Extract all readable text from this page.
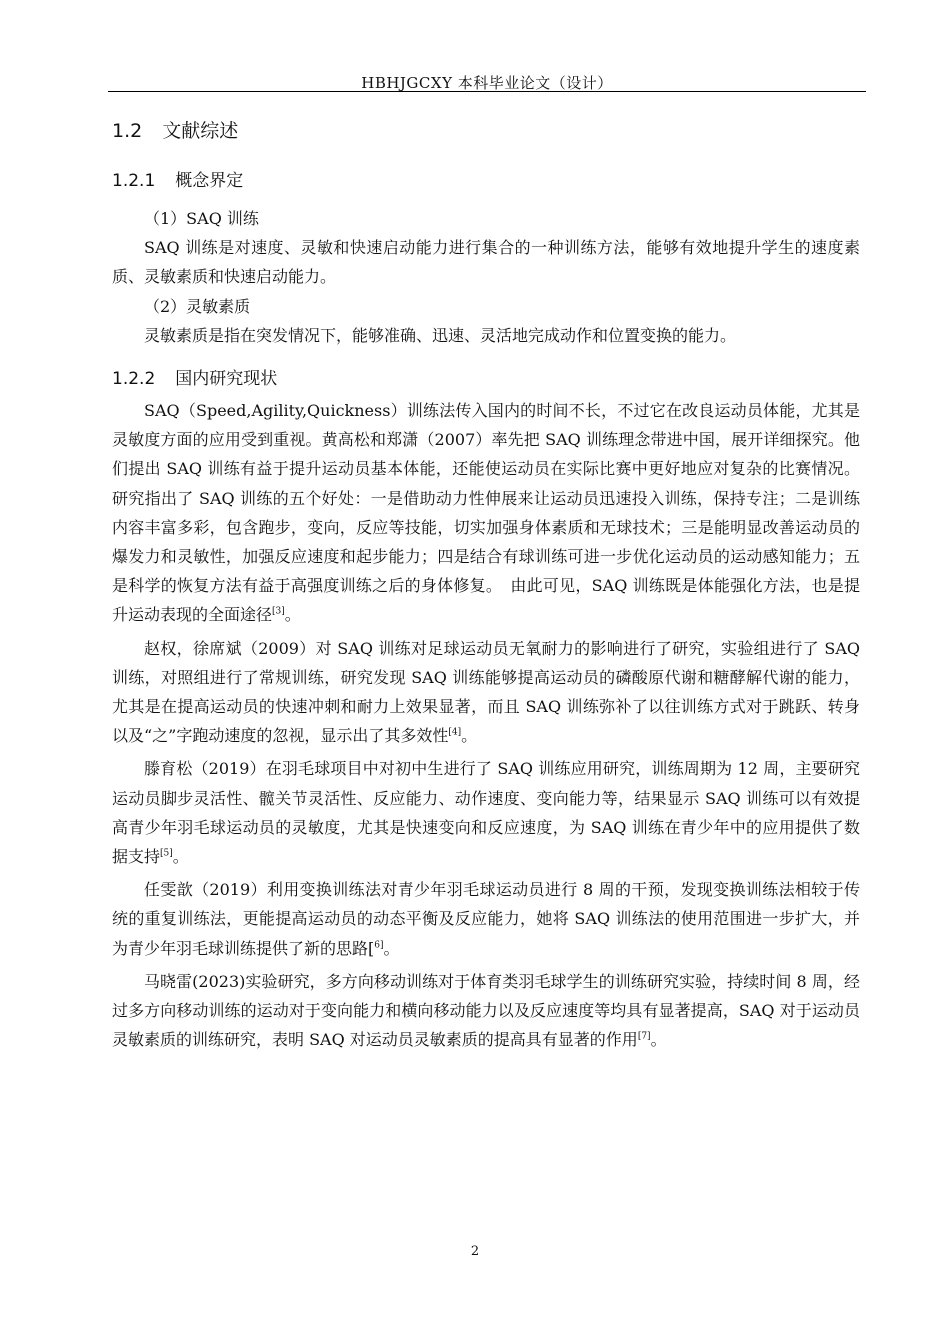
HBHJGCXY 本科毕业论文（设计）
1.2 文献综述
1.2.1 概念界定

（1）SAQ 训练

SAQ 训练是对速度、灵敏和快速启动能力进行集合的一种训练方法，能够有效地提升学生的速度素质、灵敏素质和快速启动能力。

（2）灵敏素质

灵敏素质是指在突发情况下，能够准确、迅速、灵活地完成动作和位置变换的能力。

1.2.2 国内研究现状

SAQ（Speed,Agility,Quickness）训练法传入国内的时间不长，不过它在改良运动员体能，尤其是灵敏度方面的应用受到重视。黄高松和郑潇（2007）率先把 SAQ 训练理念带进中国，展开详细探究。他们提出 SAQ 训练有益于提升运动员基本体能，还能使运动员在实际比赛中更好地应对复杂的比赛情况。研究指出了 SAQ 训练的五个好处：一是借助动力性伸展来让运动员迅速投入训练，保持专注；二是训练内容丰富多彩，包含跑步，变向，反应等技能，切实加强身体素质和无球技术；三是能明显改善运动员的爆发力和灵敏性，加强反应速度和起步能力；四是结合有球训练可进一步优化运动员的运动感知能力；五是科学的恢复方法有益于高强度训练之后的身体修复。　由此可见，SAQ 训练既是体能强化方法，也是提升运动表现的全面途径[3]。

赵权，徐席斌（2009）对 SAQ 训练对足球运动员无氧耐力的影响进行了研究，实验组进行了 SAQ 训练，对照组进行了常规训练，研究发现 SAQ 训练能够提高运动员的磷酸原代谢和糖酵解代谢的能力，尤其是在提高运动员的快速冲刺和耐力上效果显著，而且 SAQ 训练弥补了以往训练方式对于跳跃、转身以及“之”字跑动速度的忽视，显示出了其多效性[4]。

滕育松（2019）在羽毛球项目中对初中生进行了 SAQ 训练应用研究，训练周期为 12 周，主要研究运动员脚步灵活性、髋关节灵活性、反应能力、动作速度、变向能力等，结果显示 SAQ 训练可以有效提高青少年羽毛球运动员的灵敏度，尤其是快速变向和反应速度，为 SAQ 训练在青少年中的应用提供了数据支持[5]。

任雯歆（2019）利用变换训练法对青少年羽毛球运动员进行 8 周的干预，发现变换训练法相较于传统的重复训练法，更能提高运动员的动态平衡及反应能力，她将 SAQ 训练法的使用范围进一步扩大，并为青少年羽毛球训练提供了新的思路[$^{6]}$。

马晓雷(2023)实验研究，多方向移动训练对于体育类羽毛球学生的训练研究实验，持续时间 8 周，经过多方向移动训练的运动对于变向能力和横向移动能力以及反应速度等均具有显著提高，SAQ 对于运动员灵敏素质的训练研究，表明 SAQ 对运动员灵敏素质的提高具有显著的作用[7]。

2
